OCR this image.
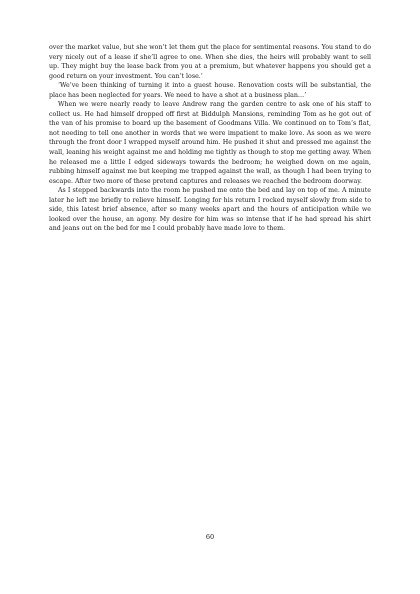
over the market value, but she won’t let them gut the place for sentimental reasons. You stand to do very nicely out of a lease if she’ll agree to one. When she dies, the heirs will probably want to sell up. They might buy the lease back from you at a premium, but whatever happens you should get a good return on your investment. You can’t lose.’

‘We’ve been thinking of turning it into a guest house. Renovation costs will be substantial, the place has been neglected for years. We need to have a shot at a business plan…’

When we were nearly ready to leave Andrew rang the garden centre to ask one of his staff to collect us. He had himself dropped off first at Biddulph Mansions, reminding Tom as he got out of the van of his promise to board up the basement of Goodmans Villa. We continued on to Tom’s flat, not needing to tell one another in words that we were impatient to make love. As soon as we were through the front door I wrapped myself around him. He pushed it shut and pressed me against the wall, leaning his weight against me and holding me tightly as though to stop me getting away. When he released me a little I edged sideways towards the bedroom; he weighed down on me again, rubbing himself against me but keeping me trapped against the wall, as though I had been trying to escape. After two more of these pretend captures and releases we reached the bedroom doorway.

As I stepped backwards into the room he pushed me onto the bed and lay on top of me. A minute later he left me briefly to relieve himself. Longing for his return I rocked myself slowly from side to side, this latest brief absence, after so many weeks apart and the hours of anticipation while we looked over the house, an agony. My desire for him was so intense that if he had spread his shirt and jeans out on the bed for me I could probably have made love to them.

60
